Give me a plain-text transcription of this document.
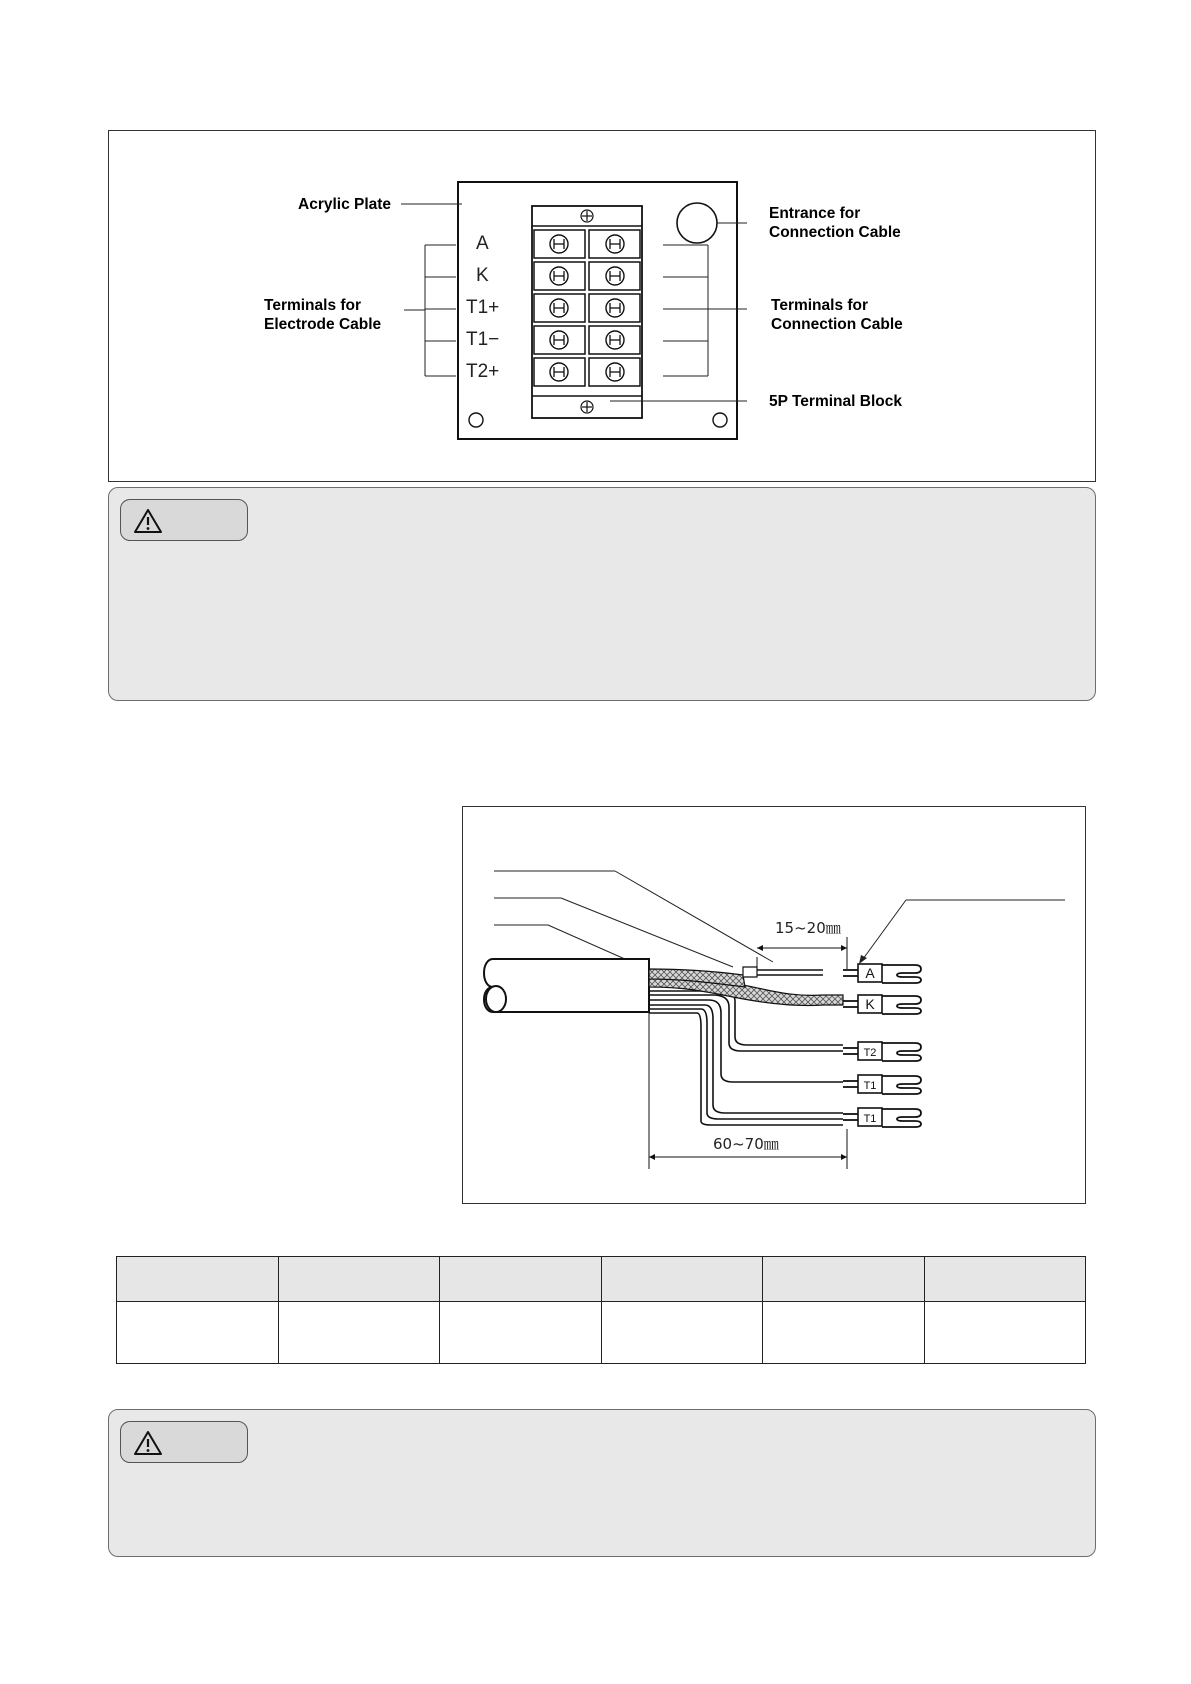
Acrylic Plate
Entrance for
Connection Cable
Terminals for
Electrode Cable
Terminals for
Connection Cable
5P Terminal Block
A
K
T1+
T1−
T2+
A
K
T2
T1
T1
15~20㎜
60~70㎜
